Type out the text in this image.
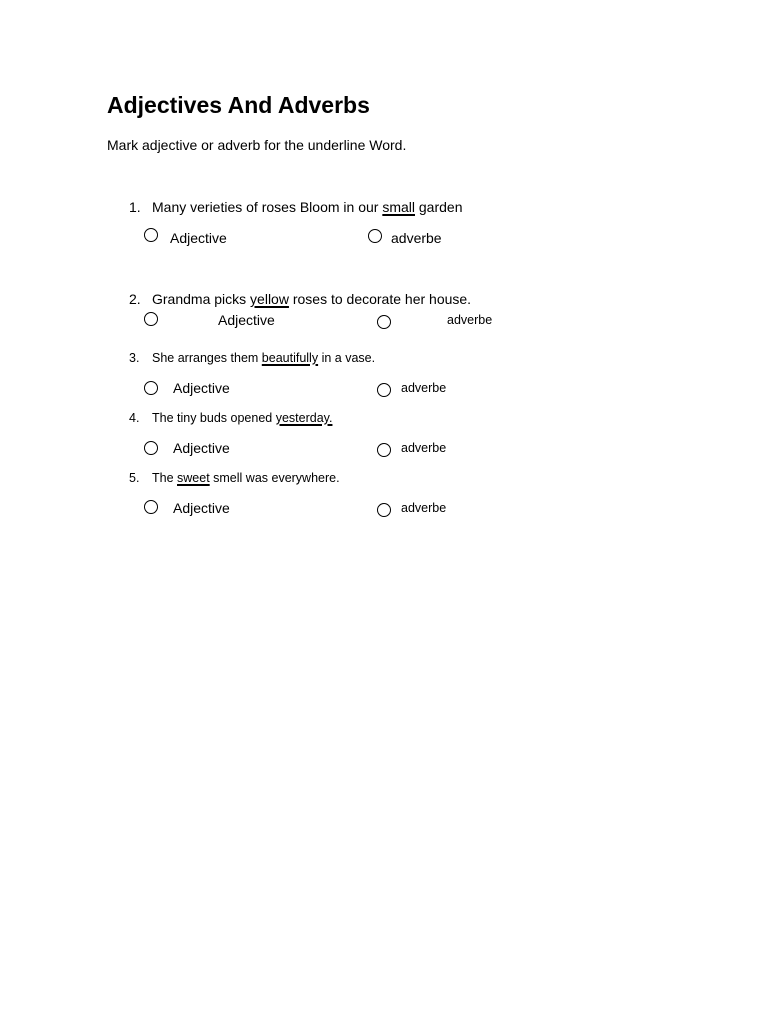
Adjectives And Adverbs
Mark adjective or adverb for the underline Word.
1. Many verieties of roses Bloom in our small garden
Adjective	adverbe
2. Grandma picks yellow roses to decorate her house.
Adjective	adverbe
3. She arranges them beautifully in a vase.
Adjective	adverbe
4. The tiny buds opened yesterday.
Adjective	adverbe
5. The sweet smell was everywhere.
Adjective	adverbe
